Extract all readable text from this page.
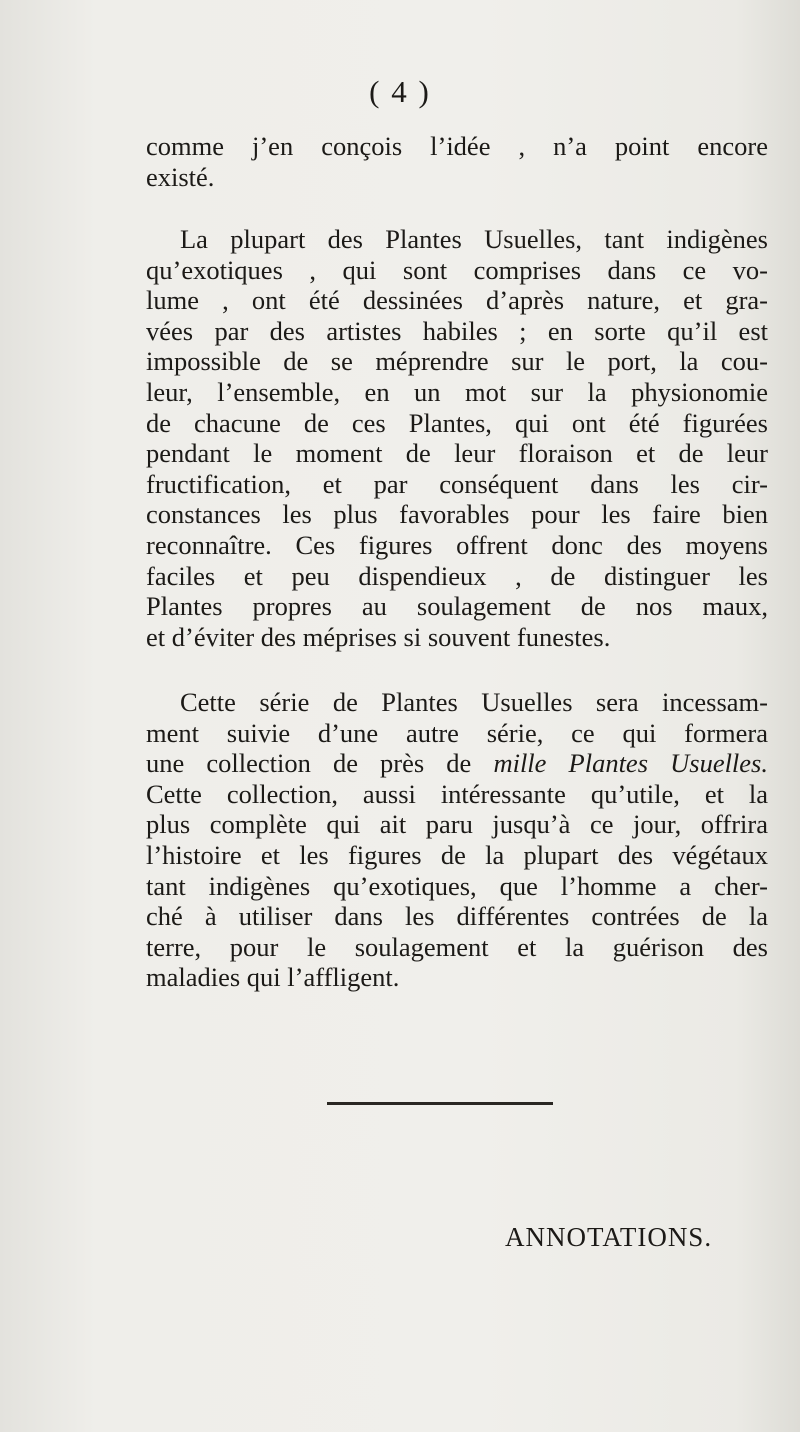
( 4 )
comme j’en conçois l’idée , n’a point encore
existé.
La plupart des Plantes Usuelles, tant indigènes
qu’exotiques , qui sont comprises dans ce vo-
lume , ont été dessinées d’après nature, et gra-
vées par des artistes habiles ; en sorte qu’il est
impossible de se méprendre sur le port, la cou-
leur, l’ensemble, en un mot sur la physionomie
de chacune de ces Plantes, qui ont été figurées
pendant le moment de leur floraison et de leur
fructification, et par conséquent dans les cir-
constances les plus favorables pour les faire bien
reconnaître. Ces figures offrent donc des moyens
faciles et peu dispendieux , de distinguer les
Plantes propres au soulagement de nos maux,
et d’éviter des méprises si souvent funestes.
Cette série de Plantes Usuelles sera incessam-
ment suivie d’une autre série, ce qui formera
une collection de près de mille Plantes Usuelles.
Cette collection, aussi intéressante qu’utile, et la
plus complète qui ait paru jusqu’à ce jour, offrira
l’histoire et les figures de la plupart des végétaux
tant indigènes qu’exotiques, que l’homme a cher-
ché à utiliser dans les différentes contrées de la
terre, pour le soulagement et la guérison des
maladies qui l’affligent.
ANNOTATIONS.
